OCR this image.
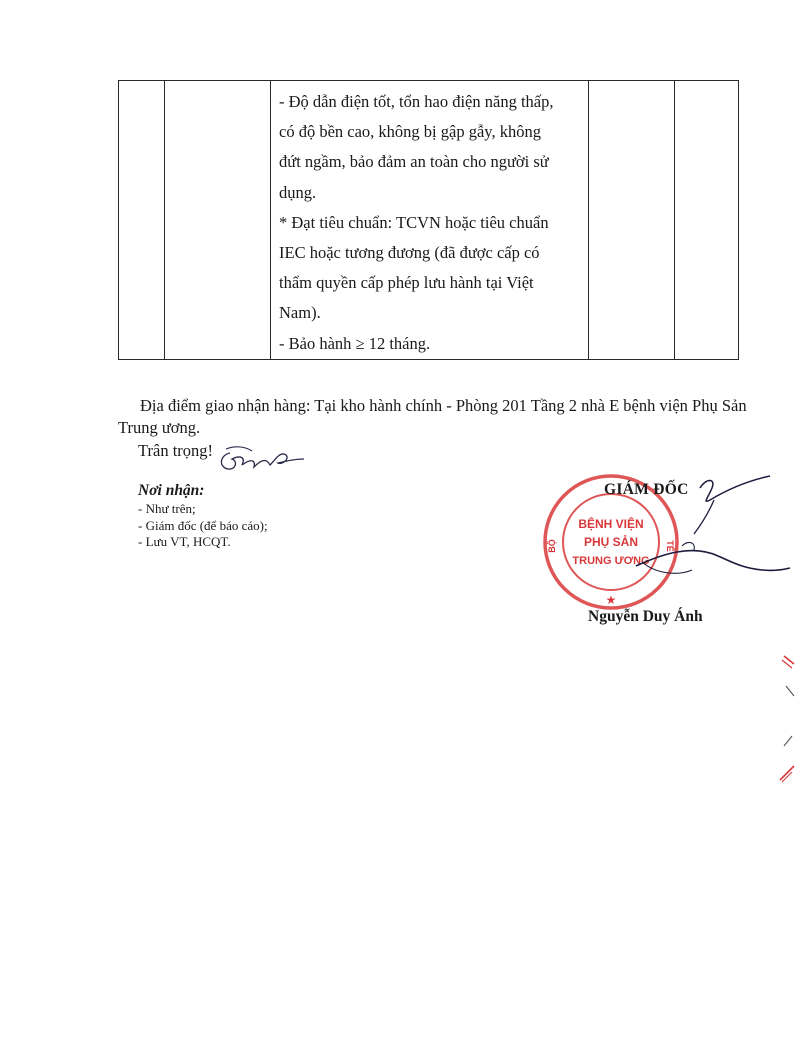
- Độ dẫn điện tốt, tổn hao điện năng thấp,

có độ bền cao, không bị gập gẫy, không

đứt ngầm, bảo đảm an toàn cho người sử

dụng.

* Đạt tiêu chuẩn: TCVN hoặc tiêu chuẩn

IEC hoặc tương đương (đã được cấp có

thẩm quyền cấp phép lưu hành tại Việt

Nam).

- Bảo hành ≥ 12 tháng.

Địa điểm giao nhận hàng: Tại kho hành chính - Phòng 201 Tầng 2 nhà E bệnh viện Phụ Sản Trung ương.

Trân trọng!

Nơi nhận:

- Như trên;
- Giám đốc (để báo cáo);
- Lưu VT, HCQT.
BỆNH VIỆN
PHỤ SẢN
TRUNG ƯƠNG
BỘ	TẾ
★

GIÁM ĐỐC

Nguyễn Duy Ánh
